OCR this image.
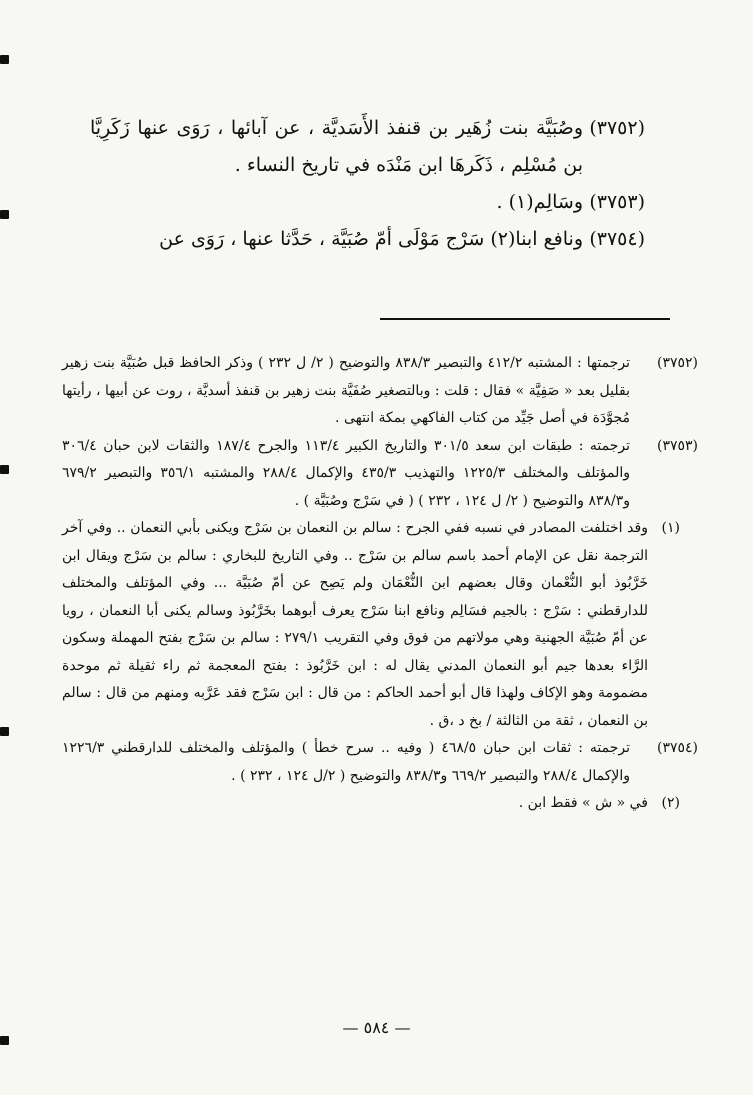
(٣٧٥٢)
وصُبَيَّة بنت زُهَير بن قنفذ الأَسَديَّة ، عن آبائها ، رَوَى عنها زَكَرِيَّا بن مُسْلِم ، ذَكَرهَا ابن مَنْدَه في تاريخ النساء .

(٣٧٥٣)
وسَالِم(١) .

(٣٧٥٤)
ونافع ابنا(٢) سَرْج مَوْلَى أمّ صُبَيَّة ، حَدَّثا عنها ، رَوَى عن

(٣٧٥٢)
ترجمتها : المشتبه ٤١٢/٢ والتبصير ٨٣٨/٣ والتوضيح ( ٢/ ل ٢٣٢ ) وذكر الحافظ قبل صُبَيَّة بنت زهير بقليل بعد « صَفِيَّة » فقال : قلت : وبالتصغير صُفَيَّة بنت زهير بن قنفذ أسديَّة ، روت عن أبيها ، رأيتها مُجوَّدَة في أصل جَيِّد من كتاب الفاكهي بمكة انتهى .

(٣٧٥٣)
ترجمته : طبقات ابن سعد ٣٠١/٥ والتاريخ الكبير ١١٣/٤ والجرح ١٨٧/٤ والثقات لابن حبان ٣٠٦/٤ والمؤتلف والمختلف ١٢٢٥/٣ والتهذيب ٤٣٥/٣ والإكمال ٢٨٨/٤ والمشتبه ٣٥٦/١ والتبصير ٦٧٩/٢ و٨٣٨/٣ والتوضيح ( ٢/ ل ١٢٤ ، ٢٣٢ ) ( في سَرْج وصُبَيَّة ) .

(١)
وقد اختلفت المصادر في نسبه ففي الجرح : سالم بن النعمان بن سَرْج ويكنى بأبي النعمان .. وفي آخر الترجمة نقل عن الإمام أحمد باسم سالم بن سَرْج .. وفي التاريخ للبخاري : سالم بن سَرْج ويقال ابن خَرَّبُوذ أبو النُّعْمان وقال بعضهم ابن النُّعْمَان ولم يَصِح عن أمّ صُبَيَّة ... وفي المؤتلف والمختلف للدارقطني : سَرْج : بالجيم فسَالِم ونافع ابنا سَرْج يعرف أبوهما بخَرَّبُوذ وسالم يكنى أبا النعمان ، رويا عن أمّ صُبَيَّة الجهنية وهي مولاتهم من فوق وفي التقريب ٢٧٩/١ : سالم بن سَرْج بفتح المهملة وسكون الرَّاء بعدها جيم أبو النعمان المدني يقال له : ابن خَرَّبُوذ : بفتح المعجمة ثم راء ثقيلة ثم موحدة مضمومة وهو الإكاف ولهذا قال أبو أحمد الحاكم : من قال : ابن سَرْج فقد عَرَّبه ومنهم من قال : سالم بن النعمان ، ثقة من الثالثة / بخ د ،ق .

(٣٧٥٤)
ترجمته : ثقات ابن حبان ٤٦٨/٥ ( وفيه .. سرح خطأ ) والمؤتلف والمختلف للدارقطني ١٢٢٦/٣ والإكمال ٢٨٨/٤ والتبصير ٦٦٩/٢ و٨٣٨/٣ والتوضيح ( ٢/ل ١٢٤ ، ٢٣٢ ) .

(٢)
في « ش » فقط ابن .

— ٥٨٤ —
